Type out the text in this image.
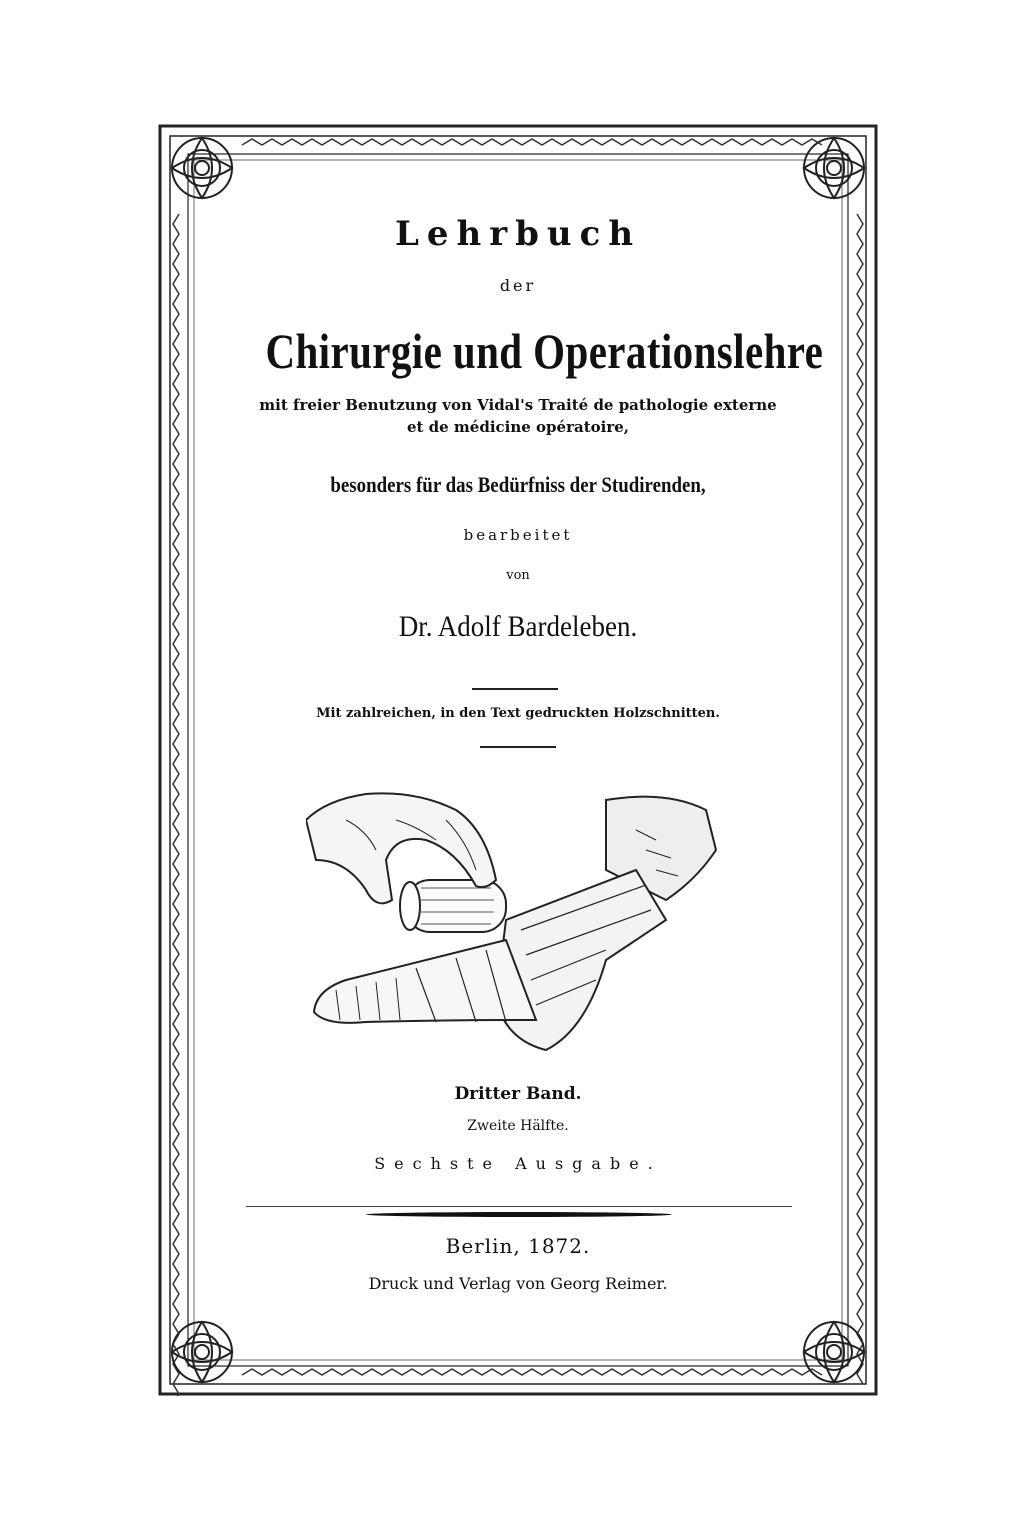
Lehrbuch

der

Chirurgie und Operationslehre

mit freier Benutzung von Vidal's Traité de pathologie externe

et de médicine opératoire,

besonders für das Bedürfniss der Studirenden,

bearbeitet

von

Dr. Adolf Bardeleben.

Mit zahlreichen, in den Text gedruckten Holzschnitten.

Dritter Band.

Zweite Hälfte.

Sechste Ausgabe.

Berlin, 1872.

Druck und Verlag von Georg Reimer.
